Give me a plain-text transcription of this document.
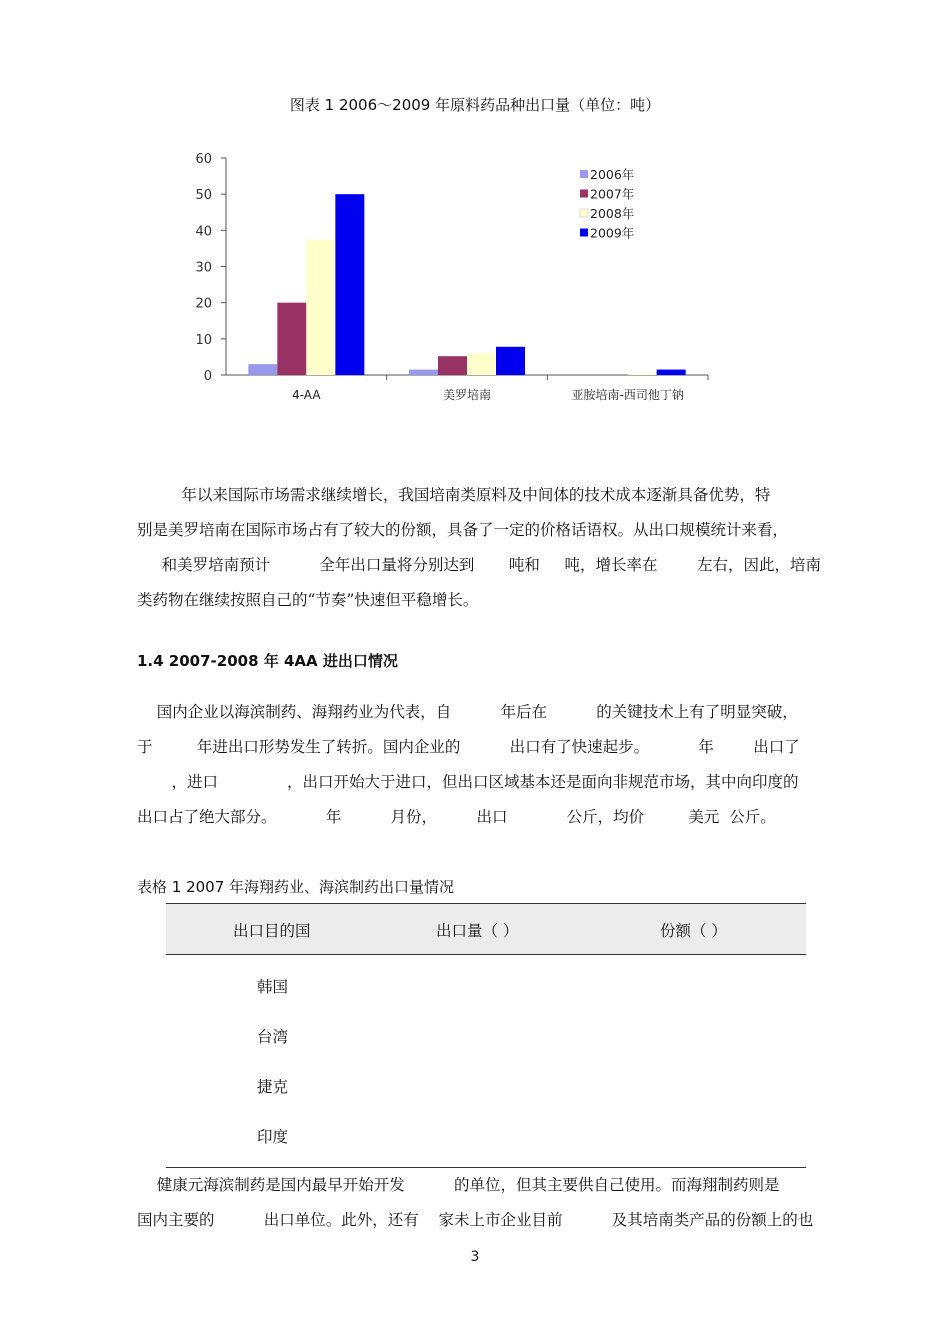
图表 1 2006～2009 年原料药品种出口量（单位：吨）
0
10
20
30
40
50
60
4-AA	美罗培南	亚胺培南-西司他丁钠
2006年
2007年
2008年
2009年
年以来国际市场需求继续增长，我国培南类原料及中间体的技术成本逐渐具备优势，特
别是美罗培南在国际市场占有了较大的份额，具备了一定的价格话语权。从出口规模统计来看，
和美罗培南预计          全年出口量将分别达到       吨和     吨，增长率在        左右，因此，培南
类药物在继续按照自己的“节奏”快速但平稳增长。
1.4 2007-2008 年 4AA 进出口情况
国内企业以海滨制药、海翔药业为代表，自          年后在          的关键技术上有了明显突破，
于         年进出口形势发生了转折。国内企业的          出口有了快速起步。          年        出口了
，进口              ，出口开始大于进口，但出口区域基本还是面向非规范市场，其中向印度的
出口占了绝大部分。          年          月份，        出口            公斤，均价         美元  公斤。
表格 1 2007 年海翔药业、海滨制药出口量情况
出口目的国	出口量（ ）	份额（ ）
韩国
台湾
捷克
印度
健康元海滨制药是国内最早开始开发          的单位，但其主要供自己使用。而海翔制药则是
国内主要的          出口单位。此外，还有    家未上市企业目前          及其培南类产品的份额上的也
3
